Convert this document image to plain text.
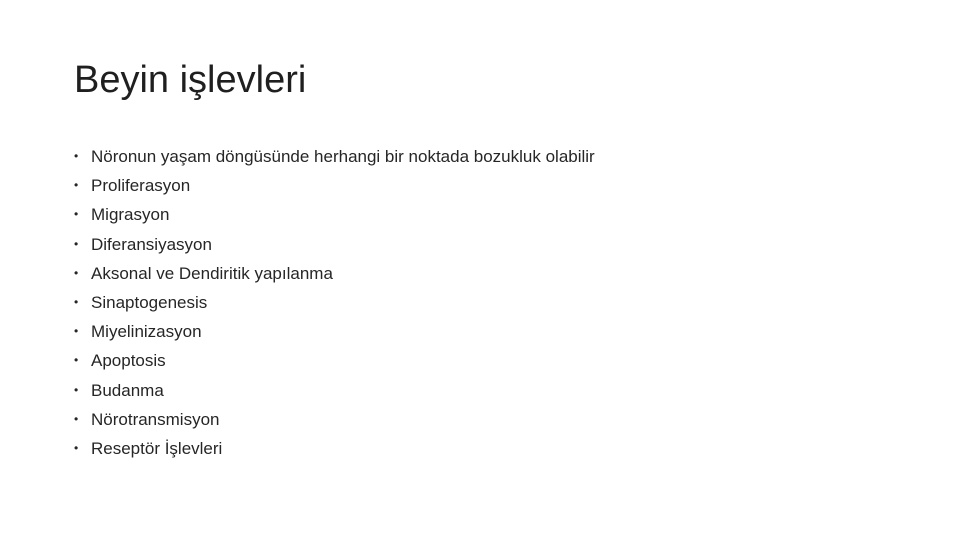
Beyin işlevleri
• Nöronun yaşam döngüsünde herhangi bir noktada bozukluk olabilir
• Proliferasyon
• Migrasyon
• Diferansiyasyon
• Aksonal ve Dendiritik yapılanma
• Sinaptogenesis
• Miyelinizasyon
• Apoptosis
• Budanma
• Nörotransmisyon
• Reseptör İşlevleri
